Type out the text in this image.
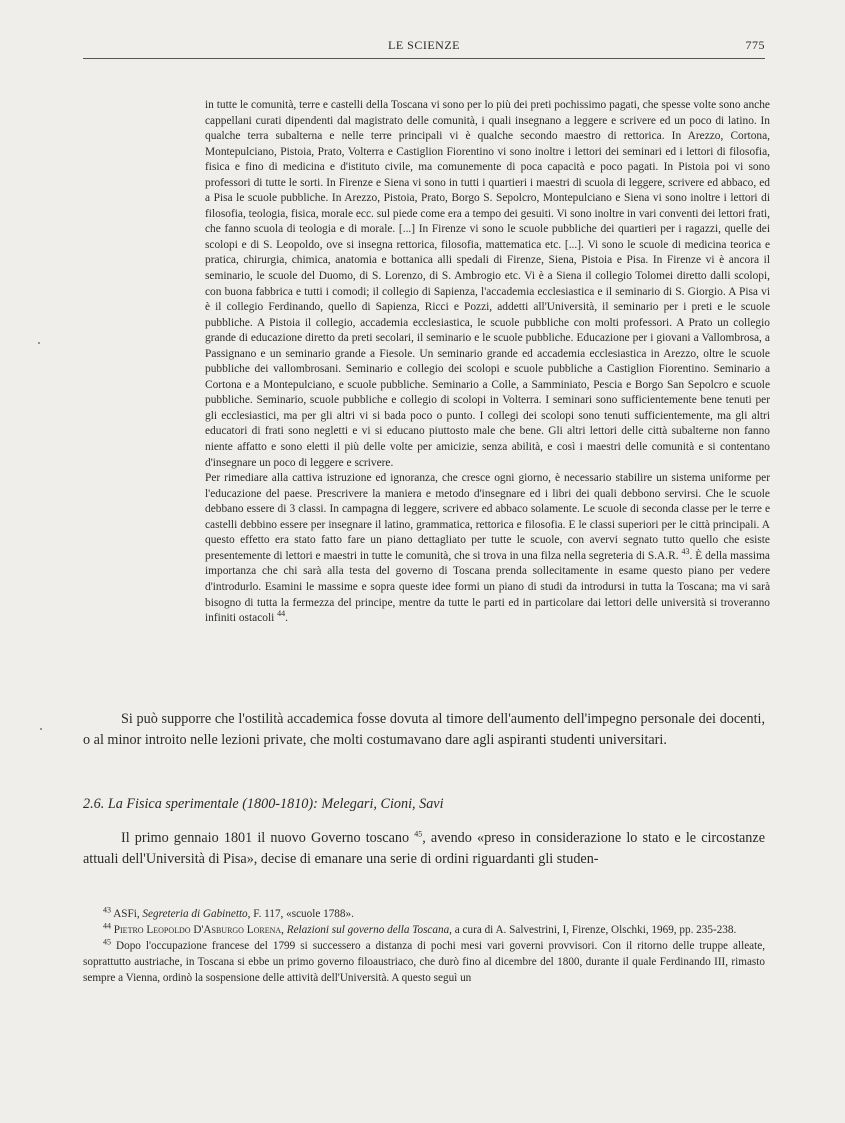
LE SCIENZE	775

in tutte le comunità, terre e castelli della Toscana vi sono per lo più dei preti pochissimo pagati, che spesse volte sono anche cappellani curati dipendenti dal magistrato delle comunità, i quali insegnano a leggere e scrivere ed un poco di latino. In qualche terra subalterna e nelle terre principali vi è qualche secondo maestro di rettorica. In Arezzo, Cortona, Montepulciano, Pistoia, Prato, Volterra e Castiglion Fiorentino vi sono inoltre i lettori dei seminari ed i lettori di filosofia, fisica e fino di medicina e d'istituto civile, ma comunemente di poca capacità e poco pagati. In Pistoia poi vi sono professori di tutte le sorti. In Firenze e Siena vi sono in tutti i quartieri i maestri di scuola di leggere, scrivere ed abbaco, ed a Pisa le scuole pubbliche. In Arezzo, Pistoia, Prato, Borgo S. Sepolcro, Montepulciano e Siena vi sono inoltre i lettori di filosofia, teologia, fisica, morale ecc. sul piede come era a tempo dei gesuiti. Vi sono inoltre in vari conventi dei lettori frati, che fanno scuola di teologia e di morale. [...] In Firenze vi sono le scuole pubbliche dei quartieri per i ragazzi, quelle dei scolopi e di S. Leopoldo, ove si insegna rettorica, filosofia, mattematica etc. [...]. Vi sono le scuole di medicina teorica e pratica, chirurgia, chimica, anatomia e bottanica alli spedali di Firenze, Siena, Pistoia e Pisa. In Firenze vi è ancora il seminario, le scuole del Duomo, di S. Lorenzo, di S. Ambrogio etc. Vi è a Siena il collegio Tolomei diretto dalli scolopi, con buona fabbrica e tutti i comodi; il collegio di Sapienza, l'accademia ecclesiastica e il seminario di S. Giorgio. A Pisa vi è il collegio Ferdinando, quello di Sapienza, Ricci e Pozzi, addetti all'Università, il seminario per i preti e le scuole pubbliche. A Pistoia il collegio, accademia ecclesiastica, le scuole pubbliche con molti professori. A Prato un collegio grande di educazione diretto da preti secolari, il seminario e le scuole pubbliche. Educazione per i giovani a Vallombrosa, a Passignano e un seminario grande a Fiesole. Un seminario grande ed accademia ecclesiastica in Arezzo, oltre le scuole pubbliche dei vallombrosani. Seminario e collegio dei scolopi e scuole pubbliche a Castiglion Fiorentino. Seminario a Cortona e a Montepulciano, e scuole pubbliche. Seminario a Colle, a Samminiato, Pescia e Borgo San Sepolcro e scuole pubbliche. Seminario, scuole pubbliche e collegio di scolopi in Volterra. I seminari sono sufficientemente bene tenuti per gli ecclesiastici, ma per gli altri vi si bada poco o punto. I collegi dei scolopi sono tenuti sufficientemente, ma gli altri educatori di frati sono negletti e vi si educano piuttosto male che bene. Gli altri lettori delle città subalterne non fanno niente affatto e sono eletti il più delle volte per amicizie, senza abilità, e così i maestri delle comunità e si contentano d'insegnare un poco di leggere e scrivere.

Per rimediare alla cattiva istruzione ed ignoranza, che cresce ogni giorno, è necessario stabilire un sistema uniforme per l'educazione del paese. Prescrivere la maniera e metodo d'insegnare ed i libri dei quali debbono servirsi. Che le scuole debbano essere di 3 classi. In campagna di leggere, scrivere ed abbaco solamente. Le scuole di seconda classe per le terre e castelli debbino essere per insegnare il latino, grammatica, rettorica e filosofia. E le classi superiori per le città principali. A questo effetto era stato fatto fare un piano dettagliato per tutte le scuole, con avervi segnato tutto quello che esiste presentemente di lettori e maestri in tutte le comunità, che si trova in una filza nella segreteria di S.A.R. $^{43}$. È della massima importanza che chi sarà alla testa del governo di Toscana prenda sollecitamente in esame questo piano per vedere d'introdurlo. Esamini le massime e sopra queste idee formi un piano di studi da introdursi in tutta la Toscana; ma vi sarà bisogno di tutta la fermezza del principe, mentre da tutte le parti ed in particolare dai lettori delle università si troveranno infiniti ostacoli $^{44}$.

Si può supporre che l'ostilità accademica fosse dovuta al timore dell'aumento dell'impegno personale dei docenti, o al minor introito nelle lezioni private, che molti costumavano dare agli aspiranti studenti universitari.

2.6. La Fisica sperimentale (1800-1810): Melegari, Cioni, Savi

Il primo gennaio 1801 il nuovo Governo toscano $^{45}$, avendo «preso in considerazione lo stato e le circostanze attuali dell'Università di Pisa», decise di emanare una serie di ordini riguardanti gli studen-

$^{43}$ ASFi, Segreteria di Gabinetto, F. 117, «scuole 1788».

$^{44}$ Pietro Leopoldo D'Asburgo Lorena, Relazioni sul governo della Toscana, a cura di A. Salvestrini, I, Firenze, Olschki, 1969, pp. 235-238.

$^{45}$ Dopo l'occupazione francese del 1799 si successero a distanza di pochi mesi vari governi provvisori. Con il ritorno delle truppe alleate, soprattutto austriache, in Toscana si ebbe un primo governo filoaustriaco, che durò fino al dicembre del 1800, durante il quale Ferdinando III, rimasto sempre a Vienna, ordinò la sospensione delle attività dell'Università. A questo seguì un
